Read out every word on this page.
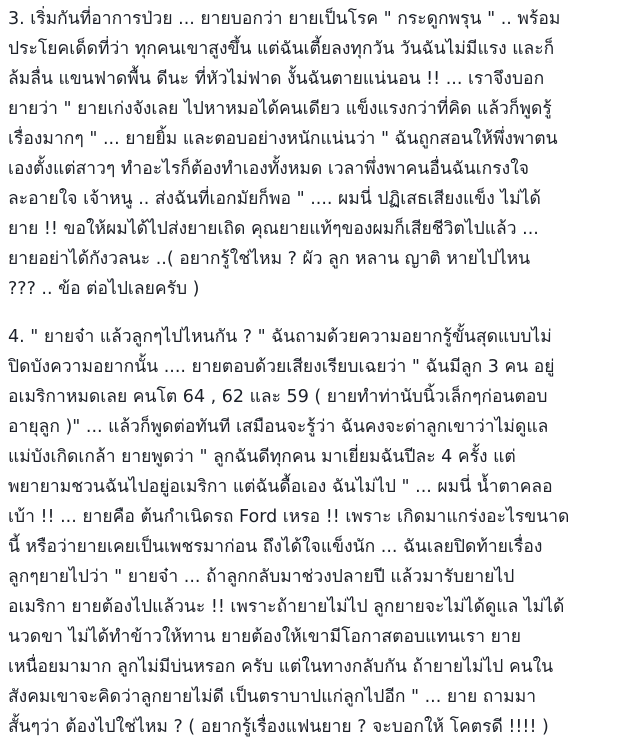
3. เริ่มกันที่อาการป่วย ... ยายบอกว่า ยายเป็นโรค " กระดูกพรุน " .. พร้อม
ประโยคเด็ดที่ว่า ทุกคนเขาสูงขึ้น แต่ฉันเตี้ยลงทุกวัน วันฉันไม่มีแรง และก็
ล้มลื่น แขนฟาดพื้น ดีนะ ที่หัวไม่ฟาด งั้นฉันตายแน่นอน !! ... เราจึงบอก
ยายว่า " ยายเก่งจังเลย ไปหาหมอได้คนเดียว แข็งแรงกว่าที่คิด แล้วก็พูดรู้
เรื่องมากๆ " ... ยายยิ้ม และตอบอย่างหนักแน่นว่า " ฉันถูกสอนให้พึ่งพาตน
เองตั้งแต่สาวๆ ทำอะไรก็ต้องทำเองทั้งหมด เวลาพึ่งพาคนอื่นฉันเกรงใจ
ละอายใจ เจ้าหนู .. ส่งฉันที่เอกมัยก็พอ " .... ผมนี่ ปฏิเสธเสียงแข็ง ไม่ได้
ยาย !! ขอให้ผมได้ไปส่งยายเถิด คุณยายแท้ๆของผมก็เสียชีวิตไปแล้ว ...
ยายอย่าได้กังวลนะ ..( อยากรู้ใช่ไหม ? ผัว ลูก หลาน ญาติ หายไปไหน
??? .. ข้อ ต่อไปเลยครับ )

4. " ยายจ๋า แล้วลูกๆไปไหนกัน ? " ฉันถามด้วยความอยากรู้ขั้นสุดแบบไม่
ปิดบังความอยากนั้น .... ยายตอบด้วยเสียงเรียบเฉยว่า " ฉันมีลูก 3 คน อยู่
อเมริกาหมดเลย คนโต 64 , 62 และ 59 ( ยายทำท่านับนิ้วเล็กๆก่อนตอบ
อายุลูก )" ... แล้วก็พูดต่อทันที เสมือนจะรู้ว่า ฉันคงจะด่าลูกเขาว่าไม่ดูแล
แม่บังเกิดเกล้า ยายพูดว่า " ลูกฉันดีทุกคน มาเยี่ยมฉันปีละ 4 ครั้ง แต่
พยายามชวนฉันไปอยู่อเมริกา แต่ฉันดื้อเอง ฉันไม่ไป " ... ผมนี่ น้ำตาคลอ
เบ้า !! ... ยายคือ ต้นกำเนิดรถ Ford เหรอ !! เพราะ เกิดมาแกร่งอะไรขนาด
นี้ หรือว่ายายเคยเป็นเพชรมาก่อน ถึงได้ใจแข็งนัก ... ฉันเลยปิดท้ายเรื่อง
ลูกๆยายไปว่า " ยายจ๋า ... ถ้าลูกกลับมาช่วงปลายปี แล้วมารับยายไป
อเมริกา ยายต้องไปแล้วนะ !! เพราะถ้ายายไม่ไป ลูกยายจะไม่ได้ดูแล ไม่ได้
นวดขา ไม่ได้ทำข้าวให้ทาน ยายต้องให้เขามีโอกาสตอบแทนเรา ยาย
เหนื่อยมามาก ลูกไม่มีบ่นหรอก ครับ แต่ในทางกลับกัน ถ้ายายไม่ไป คนใน
สังคมเขาจะคิดว่าลูกยายไม่ดี เป็นตราบาปแก่ลูกไปอีก " ... ยาย ถามมา
สั้นๆว่า ต้องไปใช่ไหม ? ( อยากรู้เรื่องแฟนยาย ? จะบอกให้ โคตรดี !!!! )
